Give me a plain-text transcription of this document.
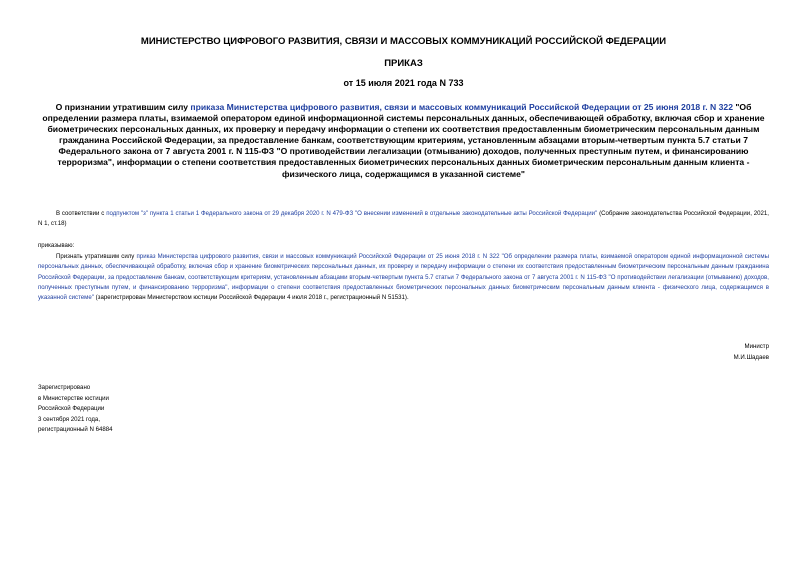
МИНИСТЕРСТВО ЦИФРОВОГО РАЗВИТИЯ, СВЯЗИ И МАССОВЫХ КОММУНИКАЦИЙ РОССИЙСКОЙ ФЕДЕРАЦИИ
ПРИКАЗ
от 15 июля 2021 года N 733
О признании утратившим силу приказа Министерства цифрового развития, связи и массовых коммуникаций Российской Федерации от 25 июня 2018 г. N 322 "Об определении размера платы, взимаемой оператором единой информационной системы персональных данных, обеспечивающей обработку, включая сбор и хранение биометрических персональных данных, их проверку и передачу информации о степени их соответствия предоставленным биометрическим персональным данным гражданина Российской Федерации, за предоставление банкам, соответствующим критериям, установленным абзацами вторым-четвертым пункта 5.7 статьи 7 Федерального закона от 7 августа 2001 г. N 115-ФЗ "О противодействии легализации (отмыванию) доходов, полученных преступным путем, и финансированию терроризма", информации о степени соответствия предоставленных биометрических персональных данных биометрическим персональным данным клиента - физического лица, содержащимся в указанной системе"
В соответствии с подпунктом "з" пункта 1 статьи 1 Федерального закона от 29 декабря 2020 г. N 479-ФЗ "О внесении изменений в отдельные законодательные акты Российской Федерации" (Собрание законодательства Российской Федерации, 2021, N 1, ст.18)
приказываю:
Признать утратившим силу приказ Министерства цифрового развития, связи и массовых коммуникаций Российской Федерации от 25 июня 2018 г. N 322 "Об определении размера платы, взимаемой оператором единой информационной системы персональных данных, обеспечивающей обработку, включая сбор и хранение биометрических персональных данных, их проверку и передачу информации о степени их соответствия предоставленным биометрическим персональным данным гражданина Российской Федерации, за предоставление банкам, соответствующим критериям, установленным абзацами вторым-четвертым пункта 5.7 статьи 7 Федерального закона от 7 августа 2001 г. N 115-ФЗ "О противодействии легализации (отмыванию) доходов, полученных преступным путем, и финансированию терроризма", информации о степени соответствия предоставленных биометрических персональных данных биометрическим персональным данным клиента - физического лица, содержащимся в указанной системе" (зарегистрирован Министерством юстиции Российской Федерации 4 июля 2018 г., регистрационный N 51531).
Министр
М.И.Шадаев
Зарегистрировано
в Министерстве юстиции
Российской Федерации
3 сентября 2021 года,
регистрационный N 64884
